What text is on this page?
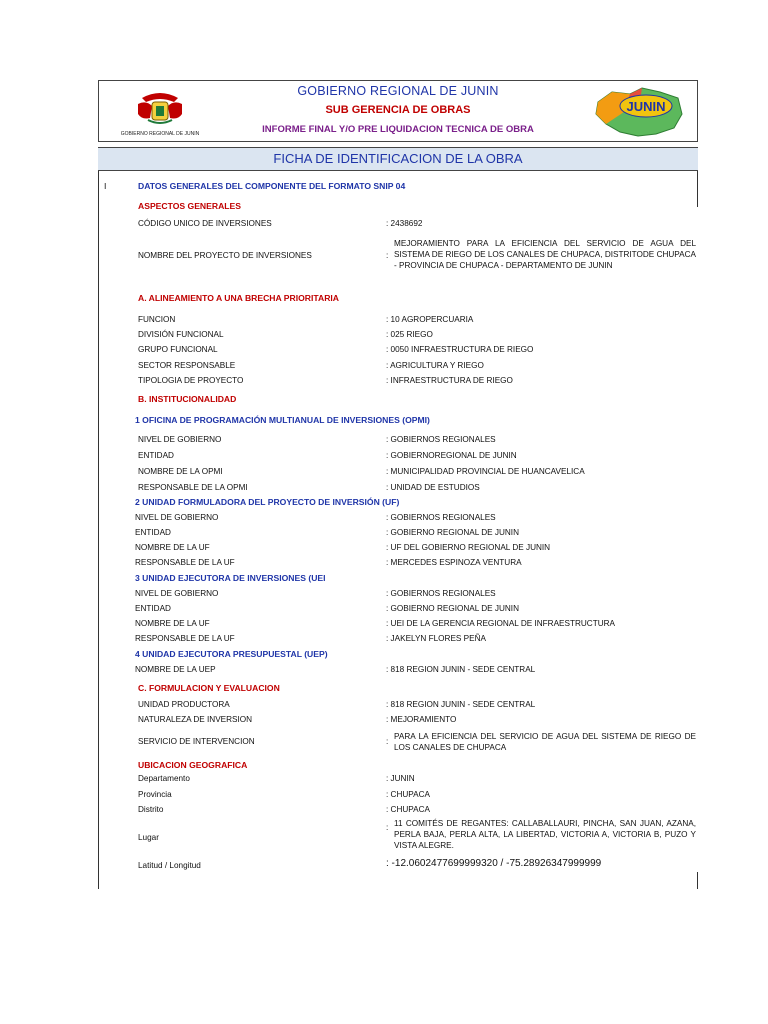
GOBIERNO REGIONAL DE JUNIN
GOBIERNO REGIONAL DE JUNIN
SUB GERENCIA DE OBRAS
INFORME FINAL Y/O PRE LIQUIDACION TECNICA DE OBRA
JUNIN
FICHA DE IDENTIFICACION DE LA OBRA
I	DATOS GENERALES DEL COMPONENTE DEL FORMATO SNIP 04
ASPECTOS GENERALES
CÓDIGO UNICO DE INVERSIONES	: 2438692
NOMBRE DEL PROYECTO DE INVERSIONES	:
MEJORAMIENTO PARA LA EFICIENCIA DEL SERVICIO DE AGUA DEL SISTEMA DE RIEGO DE LOS CANALES DE CHUPACA, DISTRITODE CHUPACA - PROVINCIA DE CHUPACA - DEPARTAMENTO DE JUNIN
A. ALINEAMIENTO A UNA BRECHA PRIORITARIA
FUNCION	: 10 AGROPERCUARIA
DIVISIÓN FUNCIONAL	: 025 RIEGO
GRUPO FUNCIONAL	: 0050 INFRAESTRUCTURA DE RIEGO
SECTOR RESPONSABLE	: AGRICULTURA Y RIEGO
TIPOLOGIA DE PROYECTO	: INFRAESTRUCTURA DE RIEGO
B. INSTITUCIONALIDAD
1 OFICINA DE PROGRAMACIÓN MULTIANUAL DE INVERSIONES (OPMI)
NIVEL DE GOBIERNO	: GOBIERNOS REGIONALES
ENTIDAD	: GOBIERNOREGIONAL DE JUNIN
NOMBRE DE LA OPMI	: MUNICIPALIDAD PROVINCIAL DE HUANCAVELICA
RESPONSABLE DE LA OPMI	: UNIDAD DE ESTUDIOS
2 UNIDAD FORMULADORA DEL PROYECTO DE INVERSIÓN (UF)
NIVEL DE GOBIERNO	: GOBIERNOS REGIONALES
ENTIDAD	: GOBIERNO REGIONAL DE JUNIN
NOMBRE DE LA UF	: UF DEL GOBIERNO REGIONAL DE JUNIN
RESPONSABLE DE LA UF	: MERCEDES ESPINOZA VENTURA
3 UNIDAD EJECUTORA DE INVERSIONES (UEI
NIVEL DE GOBIERNO	: GOBIERNOS REGIONALES
ENTIDAD	: GOBIERNO REGIONAL DE JUNIN
NOMBRE DE LA UF	: UEI DE LA GERENCIA REGIONAL DE INFRAESTRUCTURA
RESPONSABLE DE LA UF	: JAKELYN FLORES PEÑA
4 UNIDAD EJECUTORA PRESUPUESTAL (UEP)
NOMBRE DE LA UEP	: 818 REGION JUNIN - SEDE CENTRAL
C. FORMULACION Y EVALUACION
UNIDAD PRODUCTORA	: 818 REGION JUNIN - SEDE CENTRAL
NATURALEZA DE INVERSION	: MEJORAMIENTO
SERVICIO DE INTERVENCION	:
PARA LA EFICIENCIA DEL SERVICIO DE AGUA DEL SISTEMA DE RIEGO DE LOS CANALES DE CHUPACA
UBICACION GEOGRAFICA
Departamento	: JUNIN
Provincia	: CHUPACA
Distrito	: CHUPACA
Lugar
: 11 COMITÉS DE REGANTES: CALLABALLAURI, PINCHA, SAN JUAN, AZANA, PERLA BAJA, PERLA ALTA, LA LIBERTAD, VICTORIA A, VICTORIA B, PUZO Y VISTA ALEGRE.
Latitud / Longitud	: -12.0602477699999320 / -75.28926347999999
